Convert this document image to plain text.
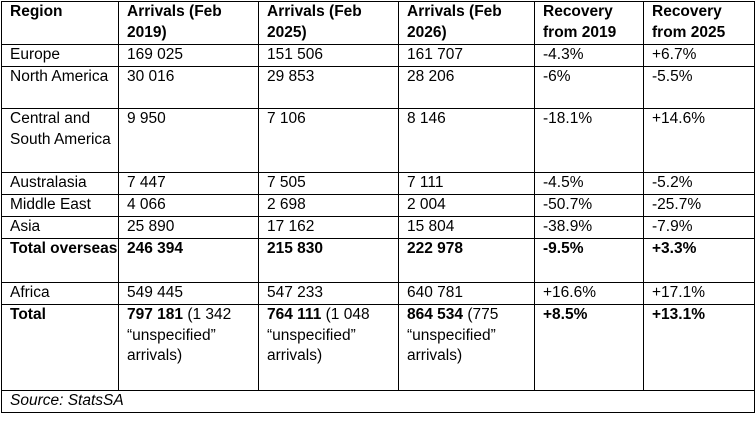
Region	Arrivals (Feb 2019)	Arrivals (Feb 2025)	Arrivals (Feb 2026)	Recovery from 2019	Recovery from 2025
Europe	169 025	151 506	161 707	-4.3%	+6.7%
North America	30 016	29 853	28 206	-6%	-5.5%
Central and South America	9 950	7 106	8 146	-18.1%	+14.6%
Australasia	7 447	7 505	7 111	-4.5%	-5.2%
Middle East	4 066	2 698	2 004	-50.7%	-25.7%
Asia	25 890	17 162	15 804	-38.9%	-7.9%
Total overseas	246 394	215 830	222 978	-9.5%	+3.3%
Africa	549 445	547 233	640 781	+16.6%	+17.1%
Total	797 181 (1 342 “unspecified” arrivals)	764 111 (1 048 “unspecified” arrivals)	864 534 (775 “unspecified” arrivals)	+8.5%	+13.1%
Source: StatsSA					
